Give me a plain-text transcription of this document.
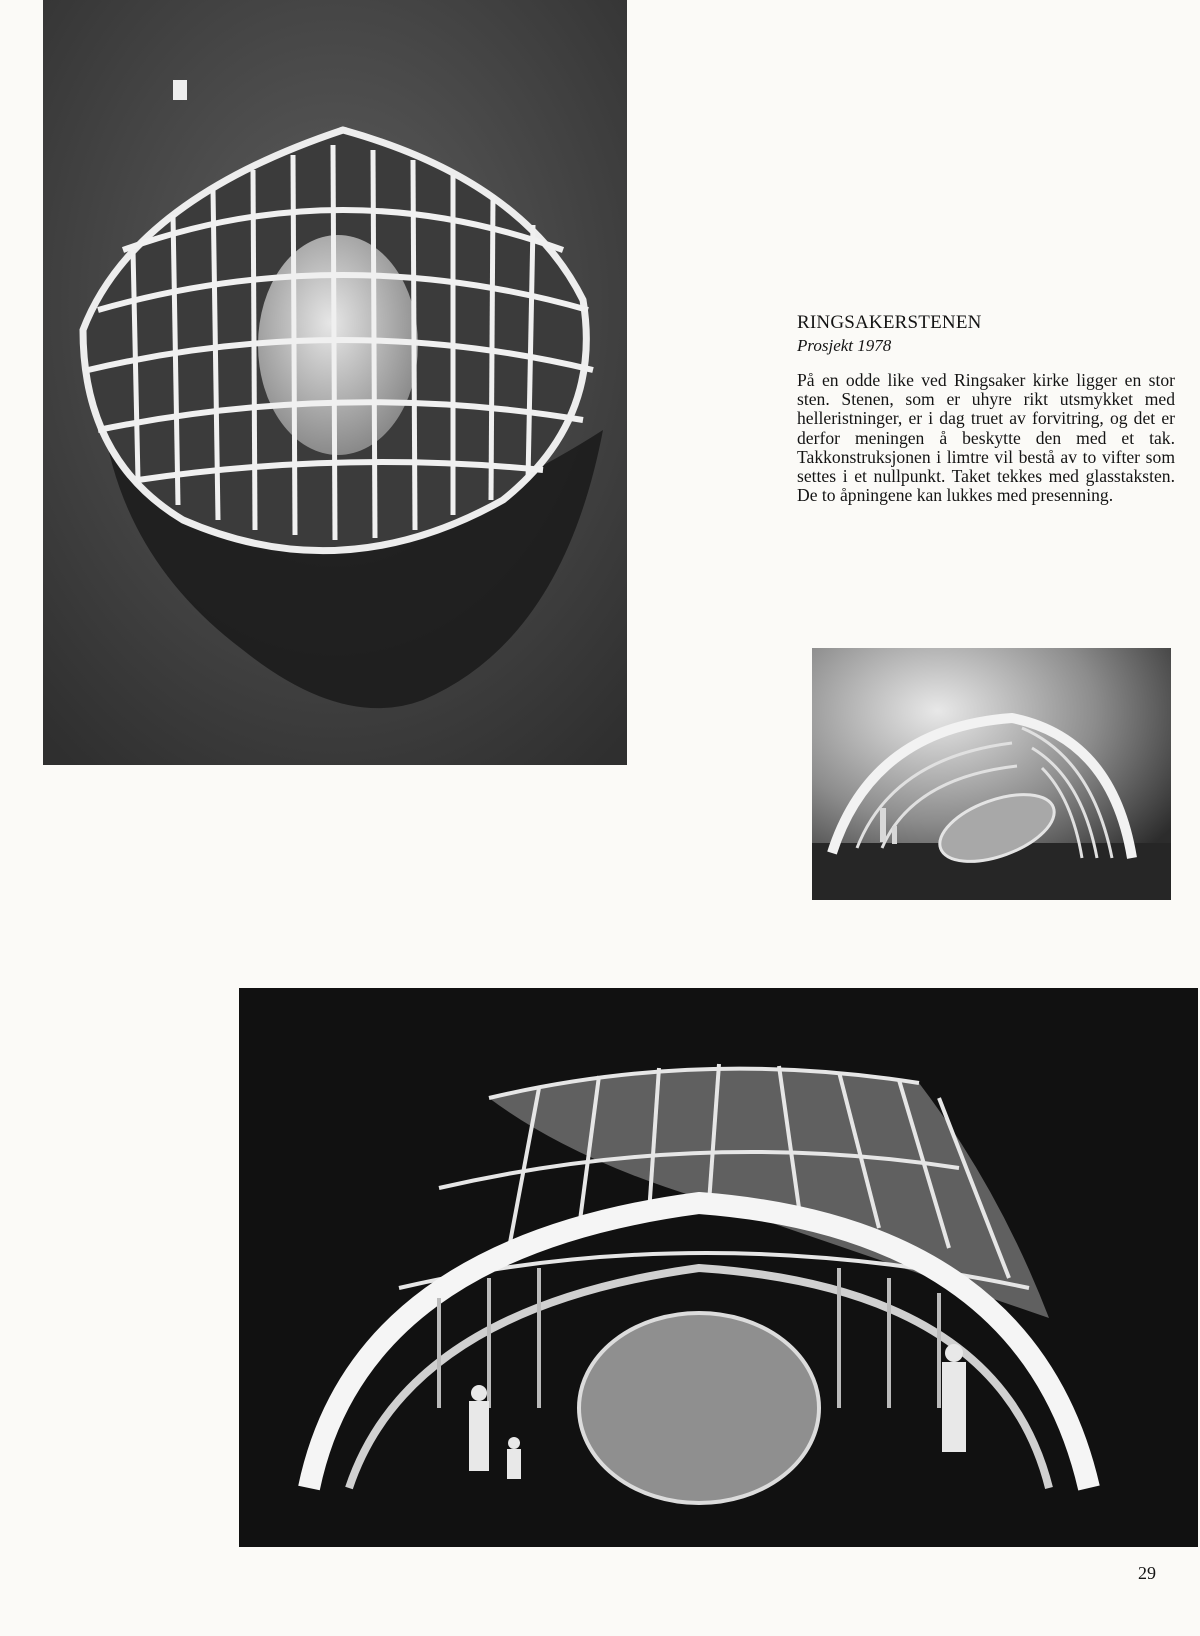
RINGSAKERSTENEN

Prosjekt 1978

På en odde like ved Ringsaker kirke ligger en stor sten. Stenen, som er uhyre rikt utsmykket med helleristninger, er i dag truet av forvitring, og det er derfor meningen å beskytte den med et tak. Takkonstruksjonen i limtre vil bestå av to vifter som settes i et nullpunkt. Taket tekkes med glasstaksten. De to åpningene kan lukkes med presenning.

29
